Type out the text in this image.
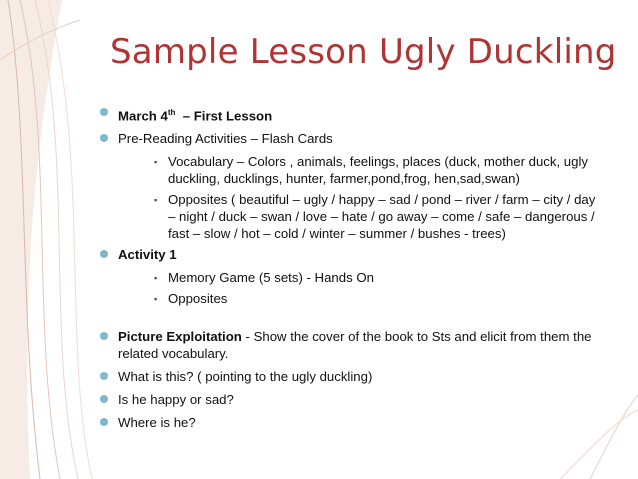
Sample Lesson Ugly Duckling
March 4th  – First Lesson
Pre-Reading Activities – Flash Cards
▪ Vocabulary – Colors , animals, feelings, places (duck, mother duck, ugly duckling, ducklings, hunter, farmer,pond,frog, hen,sad,swan)
▪ Opposites ( beautiful – ugly / happy – sad / pond – river / farm – city / day – night / duck – swan / love – hate / go away – come / safe – dangerous / fast – slow / hot – cold / winter – summer / bushes - trees)
Activity 1
▪ Memory Game (5 sets) - Hands On
▪ Opposites
Picture Exploitation - Show the cover of the book to Sts and elicit from them the related vocabulary.
What is this? ( pointing to the ugly duckling)
Is he happy or sad?
Where is he?
